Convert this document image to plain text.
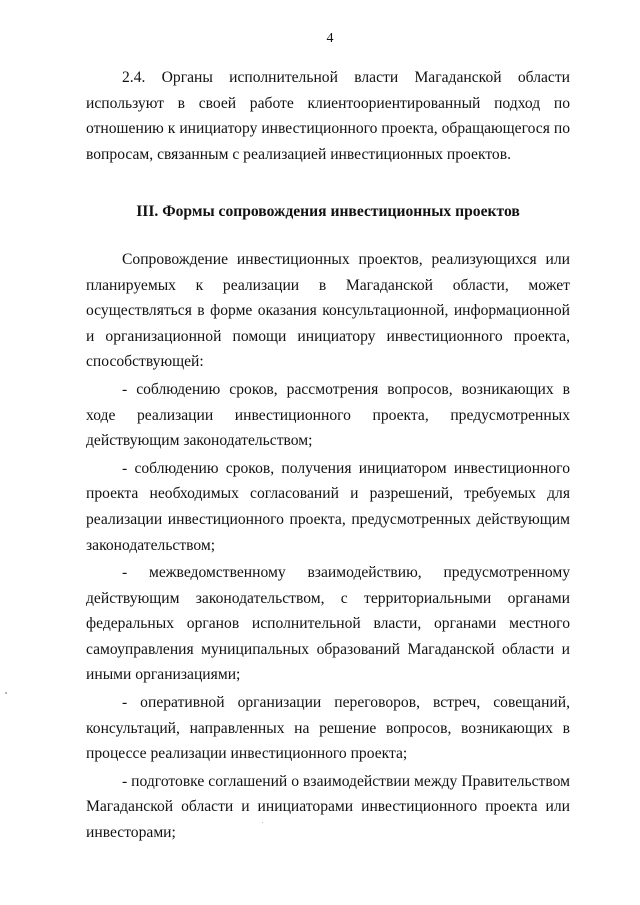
4

2.4. Органы исполнительной власти Магаданской области используют в своей работе клиентоориентированный подход по отношению к инициатору инвестиционного проекта, обращающегося по вопросам, связанным с реализацией инвестиционных проектов.

III. Формы сопровождения инвестиционных проектов

Сопровождение инвестиционных проектов, реализующихся или планируемых к реализации в Магаданской области, может осуществляться в форме оказания консультационной, информационной и организационной помощи инициатору инвестиционного проекта, способствующей:

- соблюдению сроков, рассмотрения вопросов, возникающих в ходе реализации инвестиционного проекта, предусмотренных действующим законодательством;

- соблюдению сроков, получения инициатором инвестиционного проекта необходимых согласований и разрешений, требуемых для реализации инвестиционного проекта, предусмотренных действующим законодательством;

- межведомственному взаимодействию, предусмотренному действующим законодательством, с территориальными органами федеральных органов исполнительной власти, органами местного самоуправления муниципальных образований Магаданской области и иными организациями;

- оперативной организации переговоров, встреч, совещаний, консультаций, направленных на решение вопросов, возникающих в процессе реализации инвестиционного проекта;

- подготовке соглашений о взаимодействии между Правительством Магаданской области и инициаторами инвестиционного проекта или инвесторами;
